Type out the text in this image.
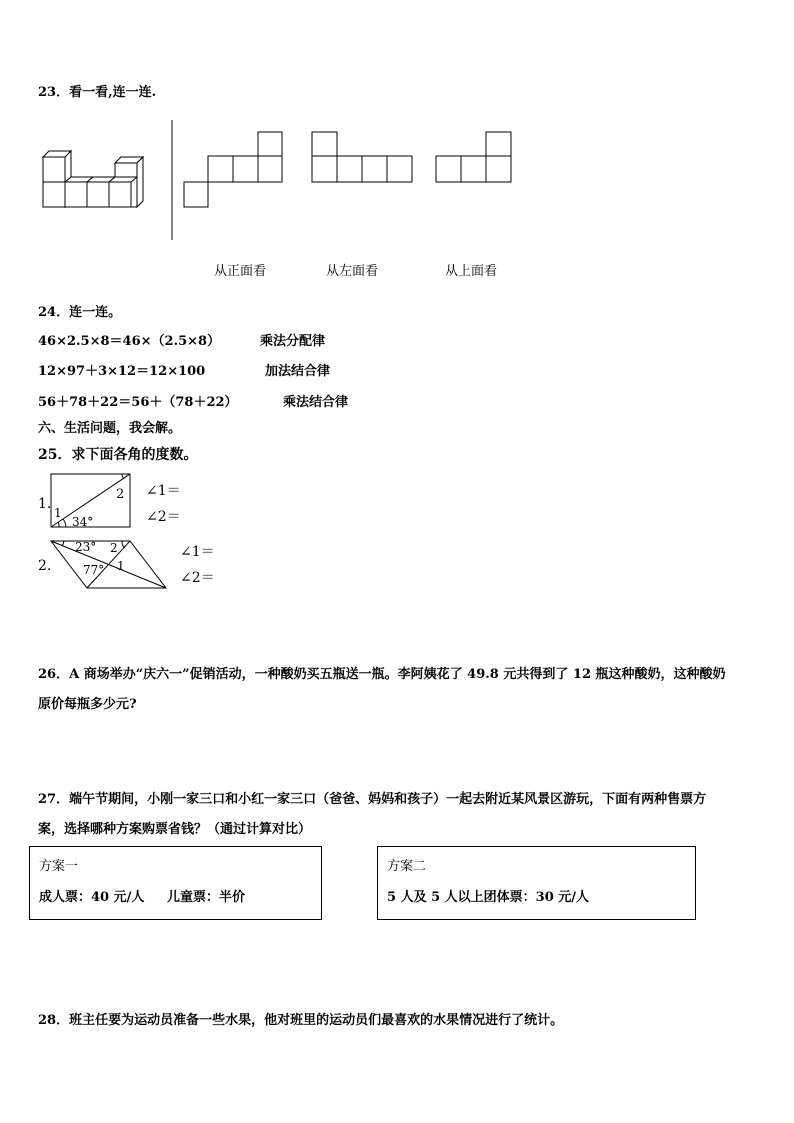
23．看一看,连一连.
从正面看	从左面看	从上面看
24．连一连。
46×2.5×8＝46×（2.5×8）
12×97＋3×12＝12×100
56＋78＋22＝56＋（78＋22）
乘法分配律
加法结合律
乘法结合律
六、生活问题，我会解。
25．求下面各角的度数。
1.
2
1
34°
∠1＝
∠2＝
2.
23° 2
77° 1
∠1＝
∠2＝
26．A 商场举办“庆六一”促销活动，一种酸奶买五瓶送一瓶。李阿姨花了 49.8 元共得到了 12 瓶这种酸奶，这种酸奶
原价每瓶多少元?
27．端午节期间，小刚一家三口和小红一家三口（爸爸、妈妈和孩子）一起去附近某风景区游玩，下面有两种售票方
案，选择哪种方案购票省钱？（通过计算对比）
方案一
成人票：40 元/人 儿童票：半价
方案二
5 人及 5 人以上团体票：30 元/人
28．班主任要为运动员准备一些水果，他对班里的运动员们最喜欢的水果情况进行了统计。
